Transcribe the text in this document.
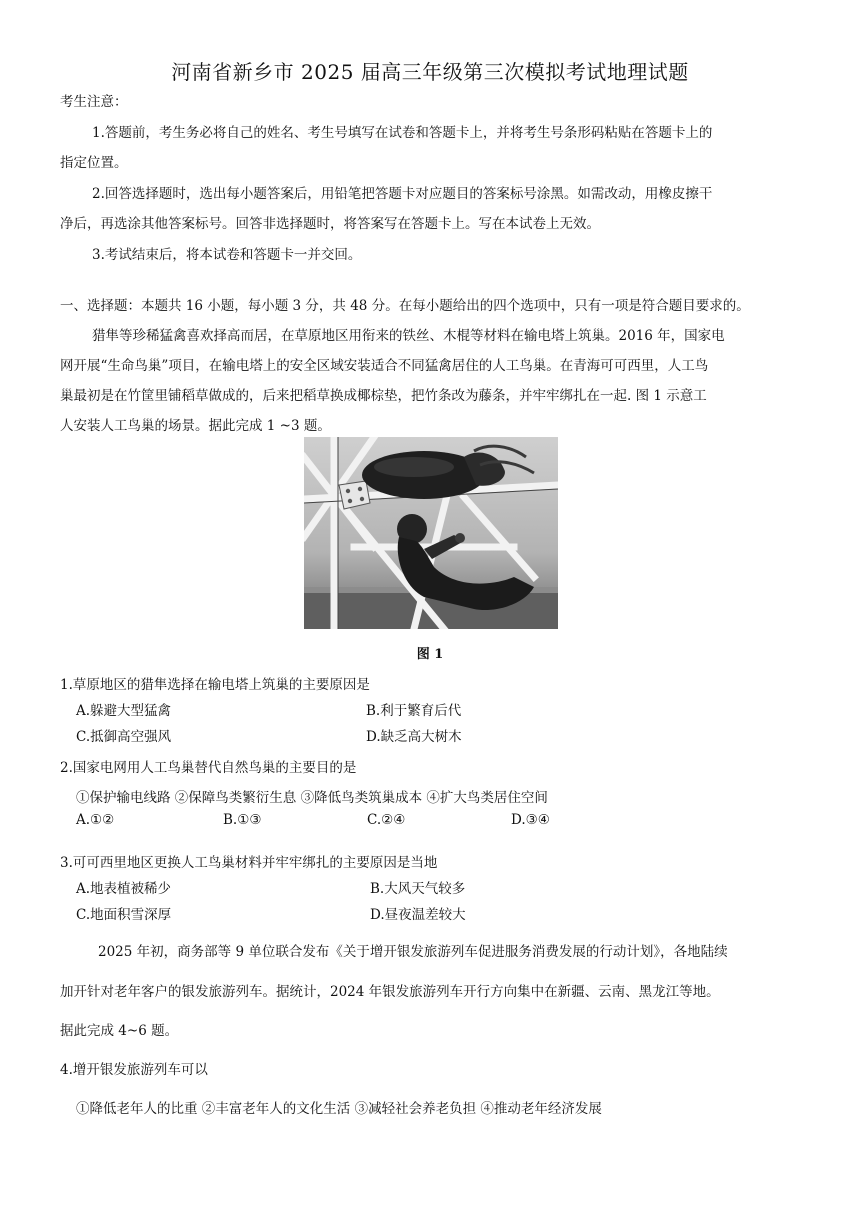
河南省新乡市 2025 届高三年级第三次模拟考试地理试题
考生注意：
1.答题前，考生务必将自己的姓名、考生号填写在试卷和答题卡上，并将考生号条形码粘贴在答题卡上的
指定位置。
2.回答选择题时，选出每小题答案后，用铅笔把答题卡对应题目的答案标号涂黑。如需改动，用橡皮擦干
净后，再选涂其他答案标号。回答非选择题时，将答案写在答题卡上。写在本试卷上无效。
3.考试结束后，将本试卷和答题卡一并交回。
一、选择题：本题共 16 小题，每小题 3 分，共 48 分。在每小题给出的四个选项中，只有一项是符合题目要求的。
猎隼等珍稀猛禽喜欢择高而居，在草原地区用衔来的铁丝、木棍等材料在输电塔上筑巢。2016 年，国家电
网开展“生命鸟巢”项目，在输电塔上的安全区域安装适合不同猛禽居住的人工鸟巢。在青海可可西里，人工鸟
巢最初是在竹筐里铺稻草做成的，后来把稻草换成椰棕垫，把竹条改为藤条，并牢牢绑扎在一起. 图 1 示意工
人安装人工鸟巢的场景。据此完成 1 ~3 题。
图 1
1.草原地区的猎隼选择在输电塔上筑巢的主要原因是
A.躲避大型猛禽	B.利于繁育后代
C.抵御高空强风	D.缺乏高大树木
2.国家电网用人工鸟巢替代自然鸟巢的主要目的是
①保护输电线路 ②保障鸟类繁衍生息 ③降低鸟类筑巢成本 ④扩大鸟类居住空间
A.①②	B.①③	C.②④	D.③④
3.可可西里地区更换人工鸟巢材料并牢牢绑扎的主要原因是当地
A.地表植被稀少	B.大风天气较多
C.地面积雪深厚	D.昼夜温差较大
2025 年初，商务部等 9 单位联合发布《关于增开银发旅游列车促进服务消费发展的行动计划》，各地陆续
加开针对老年客户的银发旅游列车。据统计，2024 年银发旅游列车开行方向集中在新疆、云南、黑龙江等地。
据此完成 4~6 题。
4.增开银发旅游列车可以
①降低老年人的比重 ②丰富老年人的文化生活 ③减轻社会养老负担 ④推动老年经济发展
